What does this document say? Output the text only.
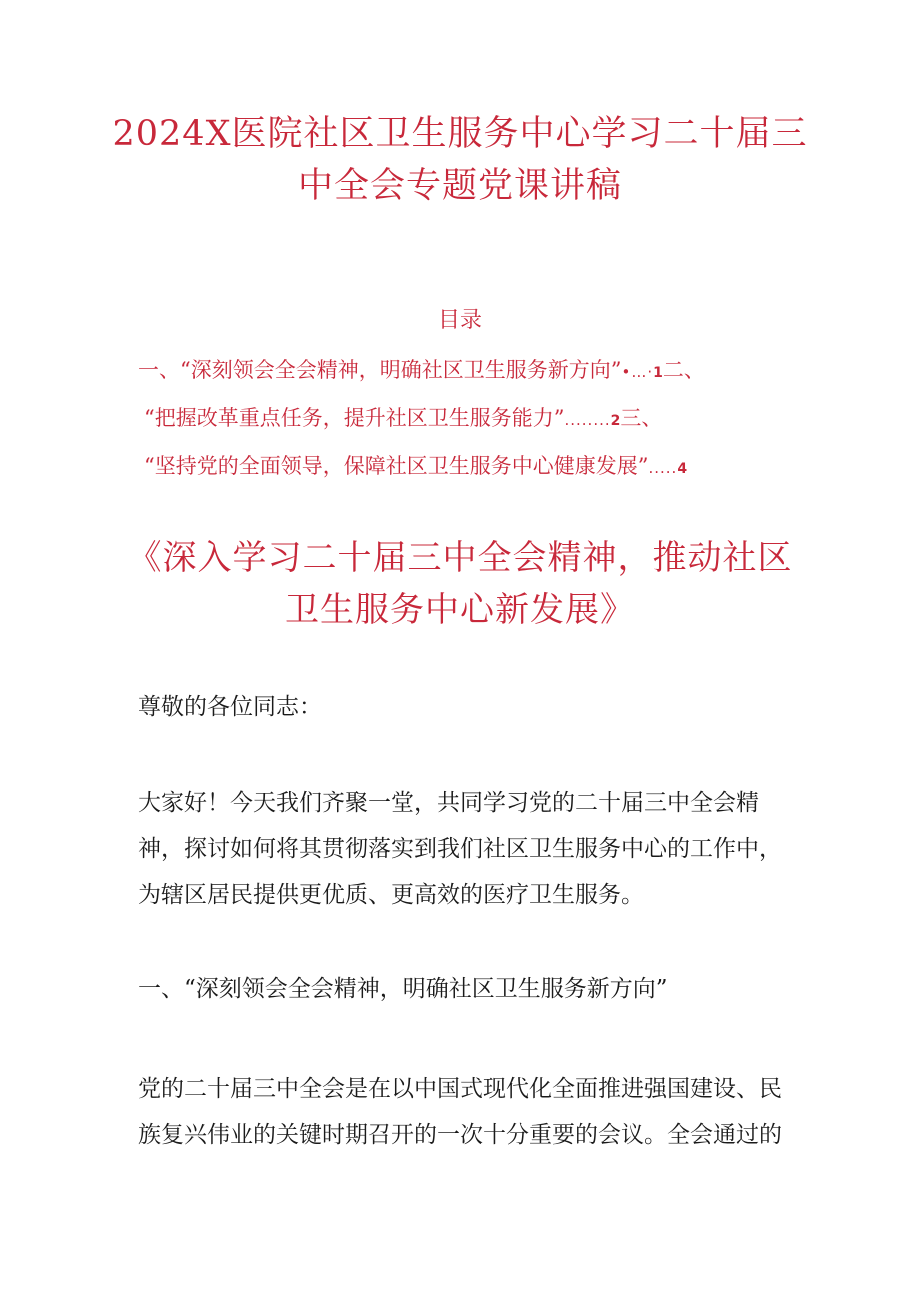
2024X医院社区卫生服务中心学习二十届三
中全会专题党课讲稿
目录
一、“深刻领会全会精神，明确社区卫生服务新方向”•…·1二、
“把握改革重点任务，提升社区卫生服务能力”........2三、
“坚持党的全面领导，保障社区卫生服务中心健康发展”.....4
《深入学习二十届三中全会精神，推动社区
卫生服务中心新发展》

尊敬的各位同志：

大家好！今天我们齐聚一堂，共同学习党的二十届三中全会精神，探讨如何将其贯彻落实到我们社区卫生服务中心的工作中，为辖区居民提供更优质、更高效的医疗卫生服务。

一、“深刻领会全会精神，明确社区卫生服务新方向”

党的二十届三中全会是在以中国式现代化全面推进强国建设、民族复兴伟业的关键时期召开的一次十分重要的会议。全会通过的
